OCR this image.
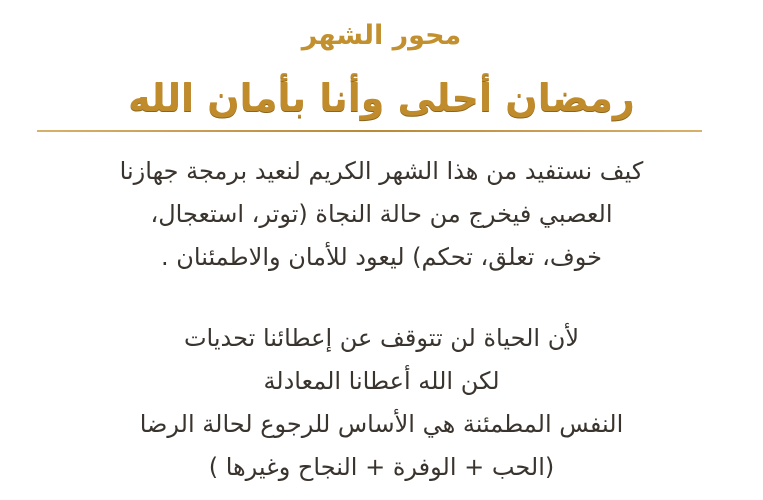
محور الشهر
رمضان أحلى وأنا بأمان الله

كيف نستفيد من هذا الشهر الكريم لنعيد برمجة جهازنا
العصبي فيخرج من حالة النجاة (توتر، استعجال،
خوف، تعلق، تحكم) ليعود للأمان والاطمئنان .

لأن الحياة لن تتوقف عن إعطائنا تحديات
لكن الله أعطانا المعادلة
النفس المطمئنة هي الأساس للرجوع لحالة الرضا
(الحب + الوفرة + النجاح وغيرها )
